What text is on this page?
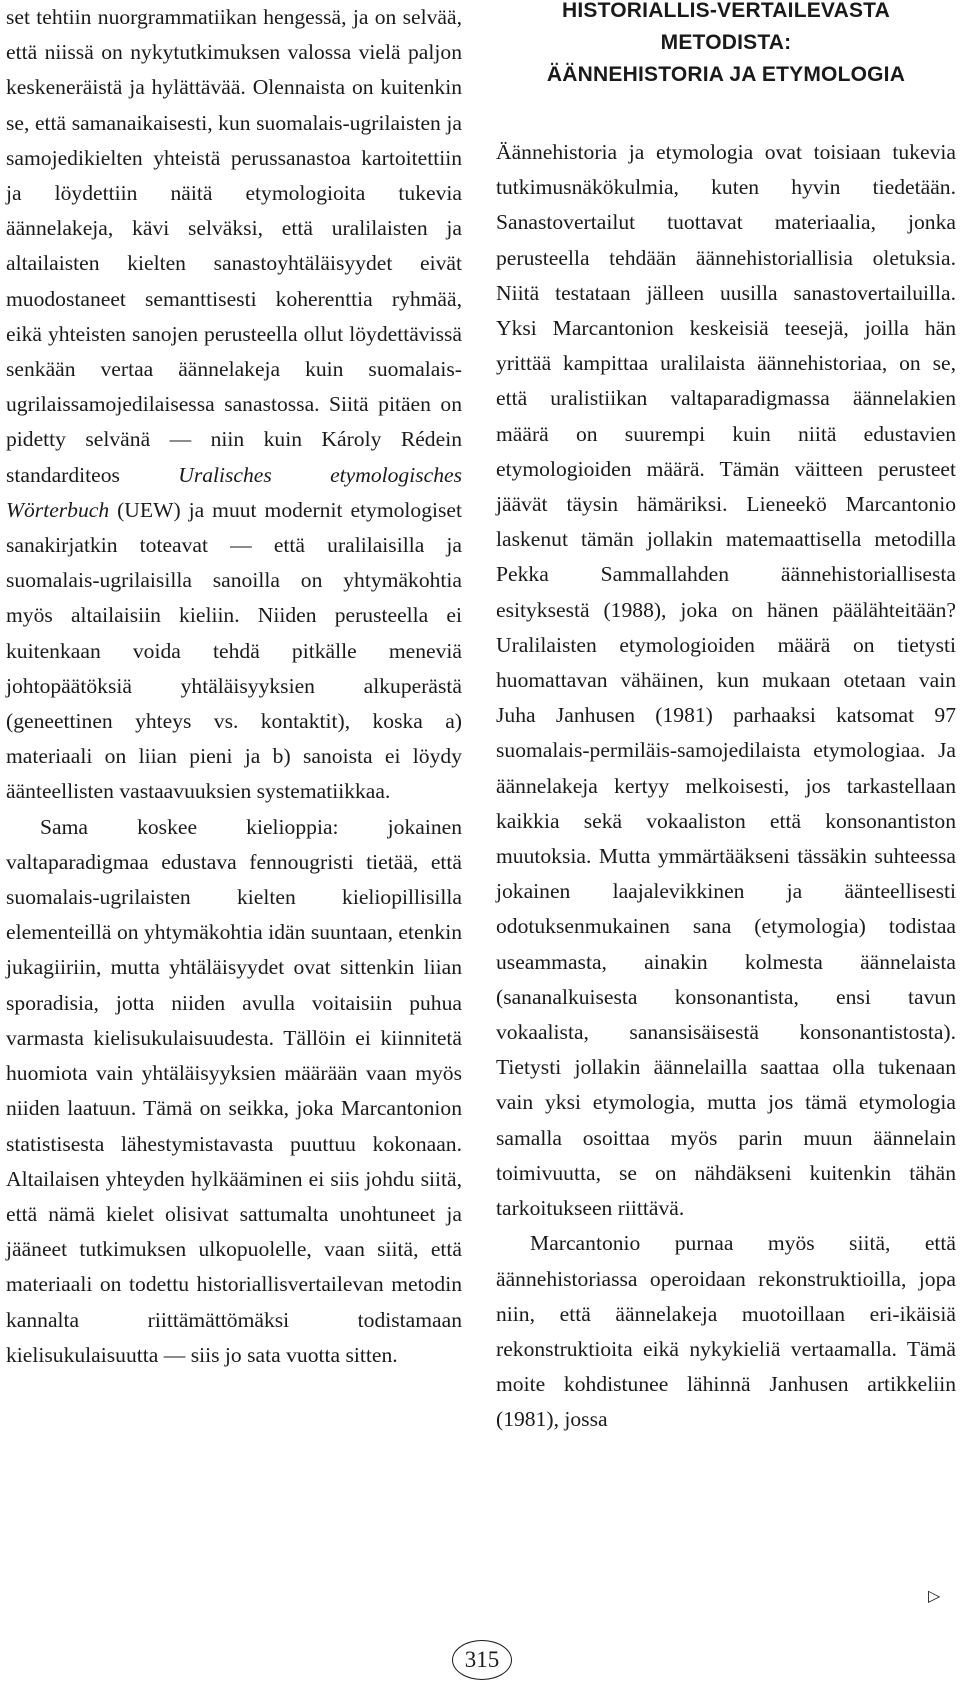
set tehtiin nuorgrammatiikan hengessä, ja on selvää, että niissä on nykytutkimuksen valossa vielä paljon keskeneräistä ja hylättävää. Olennaista on kuitenkin se, että samanaikaisesti, kun suomalais-ugrilaisten ja samojedikielten yhteistä perussanastoa kartoitettiin ja löydettiin näitä etymologioita tukevia äännelakeja, kävi selväksi, että uralilaisten ja altailaisten kielten sanastoyhtäläisyydet eivät muodostaneet semanttisesti koherenttia ryhmää, eikä yhteisten sanojen perusteella ollut löydettävissä senkään vertaa äännelakeja kuin suomalais-ugrilaissamojedilaisessa sanastossa. Siitä pitäen on pidetty selvänä — niin kuin Károly Rédein standarditeos Uralisches etymologisches Wörterbuch (UEW) ja muut modernit etymologiset sanakirjatkin toteavat — että uralilaisilla ja suomalais-ugrilaisilla sanoilla on yhtymäkohtia myös altailaisiin kieliin. Niiden perusteella ei kuitenkaan voida tehdä pitkälle meneviä johtopäätöksiä yhtäläisyyksien alkuperästä (geneettinen yhteys vs. kontaktit), koska a) materiaali on liian pieni ja b) sanoista ei löydy äänteellisten vastaavuuksien systematiikkaa.

Sama koskee kielioppia: jokainen valtaparadigmaa edustava fennougristi tietää, että suomalais-ugrilaisten kielten kieliopillisilla elementeillä on yhtymäkohtia idän suuntaan, etenkin jukagiiriin, mutta yhtäläisyydet ovat sittenkin liian sporadisia, jotta niiden avulla voitaisiin puhua varmasta kielisukulaisuudesta. Tällöin ei kiinnitetä huomiota vain yhtäläisyyksien määrään vaan myös niiden laatuun. Tämä on seikka, joka Marcantonion statistisesta lähestymistavasta puuttuu kokonaan. Altailaisen yhteyden hylkääminen ei siis johdu siitä, että nämä kielet olisivat sattumalta unohtuneet ja jääneet tutkimuksen ulkopuolelle, vaan siitä, että materiaali on todettu historiallisvertailevan metodin kannalta riittämättömäksi todistamaan kielisukulaisuutta — siis jo sata vuotta sitten.

HISTORIALLIS-VERTAILEVASTA
METODISTA:
ÄÄNNEHISTORIA JA ETYMOLOGIA

Äännehistoria ja etymologia ovat toisiaan tukevia tutkimusnäkökulmia, kuten hyvin tiedetään. Sanastovertailut tuottavat materiaalia, jonka perusteella tehdään äännehistoriallisia oletuksia. Niitä testataan jälleen uusilla sanastovertailuilla. Yksi Marcantonion keskeisiä teesejä, joilla hän yrittää kampittaa uralilaista äännehistoriaa, on se, että uralistiikan valtaparadigmassa äännelakien määrä on suurempi kuin niitä edustavien etymologioiden määrä. Tämän väitteen perusteet jäävät täysin hämäriksi. Lieneekö Marcantonio laskenut tämän jollakin matemaattisella metodilla Pekka Sammallahden äännehistoriallisesta esityksestä (1988), joka on hänen päälähteitään? Uralilaisten etymologioiden määrä on tietysti huomattavan vähäinen, kun mukaan otetaan vain Juha Janhusen (1981) parhaaksi katsomat 97 suomalais-permiläis-samojedilaista etymologiaa. Ja äännelakeja kertyy melkoisesti, jos tarkastellaan kaikkia sekä vokaaliston että konsonantiston muutoksia. Mutta ymmärtääkseni tässäkin suhteessa jokainen laajalevikkinen ja äänteellisesti odotuksenmukainen sana (etymologia) todistaa useammasta, ainakin kolmesta äännelaista (sananalkuisesta konsonantista, ensi tavun vokaalista, sanansisäisestä konsonantistosta). Tietysti jollakin äännelailla saattaa olla tukenaan vain yksi etymologia, mutta jos tämä etymologia samalla osoittaa myös parin muun äännelain toimivuutta, se on nähdäkseni kuitenkin tähän tarkoitukseen riittävä.

Marcantonio purnaa myös siitä, että äännehistoriassa operoidaan rekonstruktioilla, jopa niin, että äännelakeja muotoillaan eri-ikäisiä rekonstruktioita eikä nykykieliä vertaamalla. Tämä moite kohdistunee lähinnä Janhusen artikkeliin (1981), jossa

▷
315
